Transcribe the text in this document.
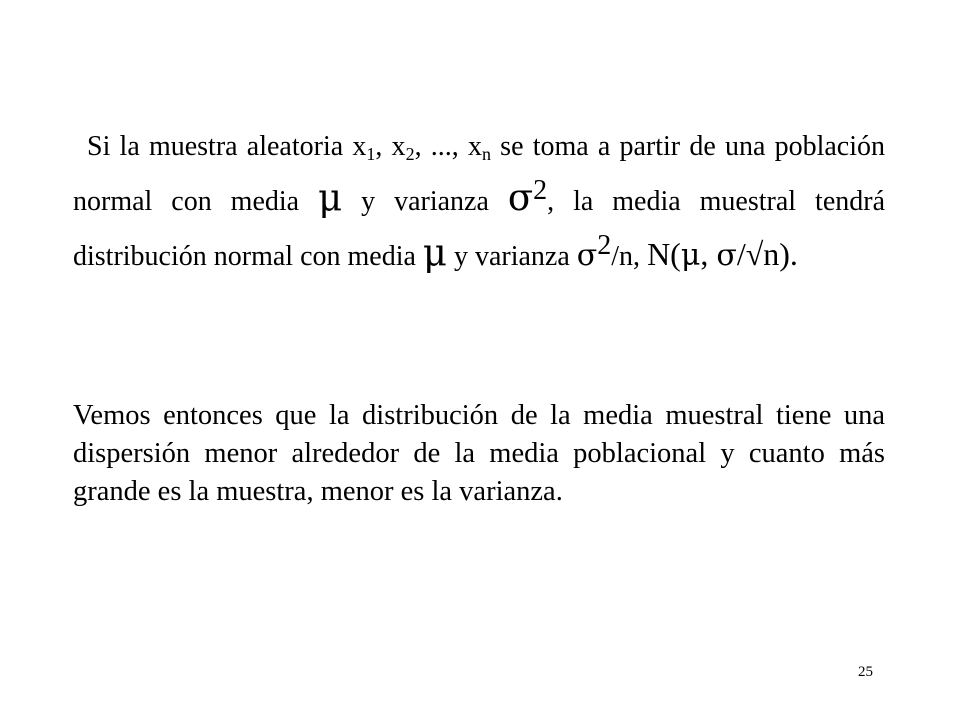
Si la muestra aleatoria $x_1$, $x_2$, ..., $x_n$ se toma a partir de una población normal con media μ y varianza $\sigma^2$, la media muestral tendrá distribución normal con media μ y varianza $\sigma^2/n$, N(μ, σ/√n).
Vemos entonces que la distribución de la media muestral tiene una dispersión menor alrededor de la media poblacional y cuanto más grande es la muestra, menor es la varianza.
25
